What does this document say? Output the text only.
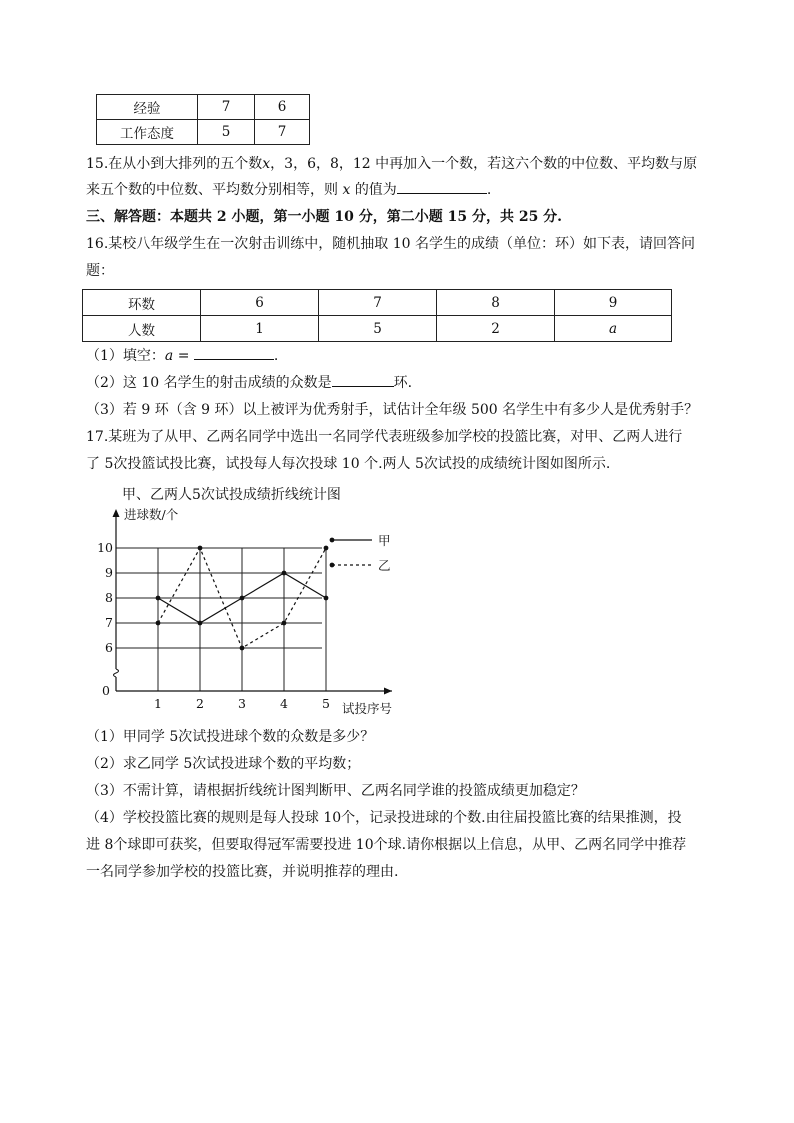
经验	7	6
工作态度	5	7
15.在从小到大排列的五个数x，3，6，8，12 中再加入一个数，若这六个数的中位数、平均数与原
来五个数的中位数、平均数分别相等，则 x 的值为	.
三、解答题：本题共 2 小题，第一小题 10 分，第二小题 15 分，共 25 分.
16.某校八年级学生在一次射击训练中，随机抽取 10 名学生的成绩（单位：环）如下表，请回答问
题：
环数	6	7	8	9
人数	1	5	2	a
（1）填空：a =	.
（2）这 10 名学生的射击成绩的众数是	环.
（3）若 9 环（含 9 环）以上被评为优秀射手，试估计全年级 500 名学生中有多少人是优秀射手？
17.某班为了从甲、乙两名同学中选出一名同学代表班级参加学校的投篮比赛，对甲、乙两人进行
了 5次投篮试投比赛，试投每人每次投球 10 个.两人 5次试投的成绩统计图如图所示.
甲、乙两人5次试投成绩折线统计图
0
6
7
8
9
10
1	2	3	4	5
进球数/个
试投序号
甲
乙
（1）甲同学 5次试投进球个数的众数是多少？
（2）求乙同学 5次试投进球个数的平均数；
（3）不需计算，请根据折线统计图判断甲、乙两名同学谁的投篮成绩更加稳定？
（4）学校投篮比赛的规则是每人投球 10个，记录投进球的个数.由往届投篮比赛的结果推测，投
进 8个球即可获奖，但要取得冠军需要投进 10个球.请你根据以上信息，从甲、乙两名同学中推荐
一名同学参加学校的投篮比赛，并说明推荐的理由.
